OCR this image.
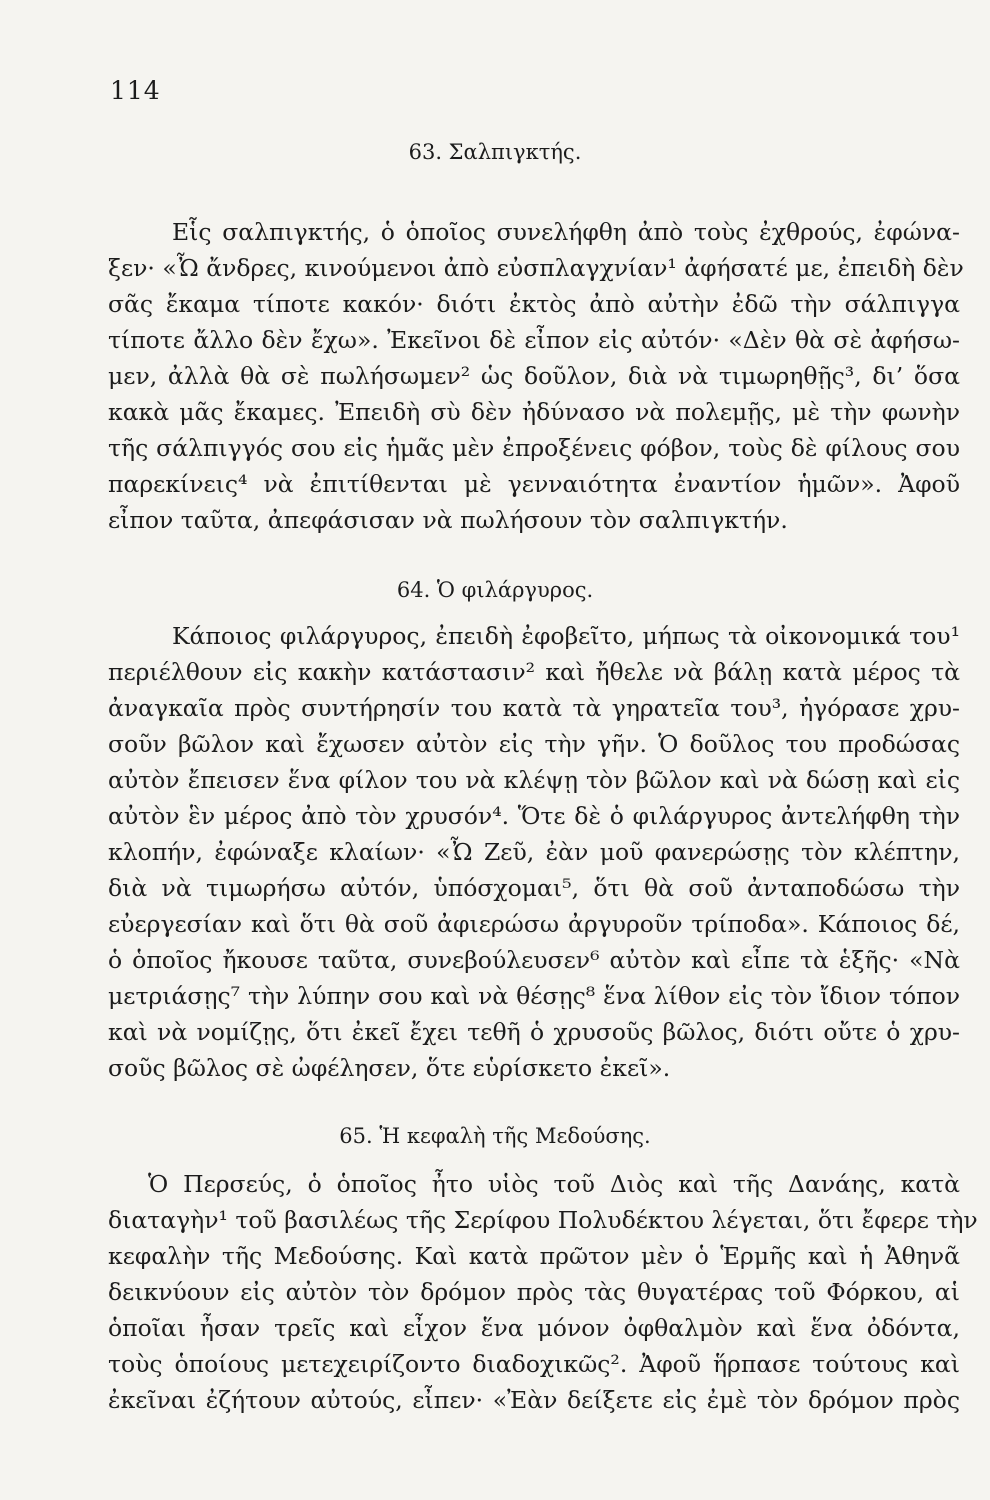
114
63. Σαλπιγκτής.
Εἷς σαλπιγκτής, ὁ ὁποῖος συνελήφθη ἀπὸ τοὺς ἐχθρούς, ἐφώνα-
ξεν· «Ὦ ἄνδρες, κινούμενοι ἀπὸ εὐσπλαγχνίαν¹ ἀφήσατέ με, ἐπειδὴ δὲν
σᾶς ἔκαμα τίποτε κακόν· διότι ἐκτὸς ἀπὸ αὐτὴν ἐδῶ τὴν σάλπιγγα
τίποτε ἄλλο δὲν ἔχω». Ἐκεῖνοι δὲ εἶπον εἰς αὐτόν· «Δὲν θὰ σὲ ἀφήσω-
μεν, ἀλλὰ θὰ σὲ πωλήσωμεν² ὡς δοῦλον, διὰ νὰ τιμωρηθῇς³, δι’ ὅσα
κακὰ μᾶς ἔκαμες. Ἐπειδὴ σὺ δὲν ἠδύνασο νὰ πολεμῇς, μὲ τὴν φωνὴν
τῆς σάλπιγγός σου εἰς ἡμᾶς μὲν ἐπροξένεις φόβον, τοὺς δὲ φίλους σου
παρεκίνεις⁴ νὰ ἐπιτίθενται μὲ γενναιότητα ἐναντίον ἡμῶν». Ἀφοῦ
εἶπον ταῦτα, ἀπεφάσισαν νὰ πωλήσουν τὸν σαλπιγκτήν.
64. Ὁ φιλάργυρος.
Κάποιος φιλάργυρος, ἐπειδὴ ἐφοβεῖτο, μήπως τὰ οἰκονομικά του¹
περιέλθουν εἰς κακὴν κατάστασιν² καὶ ἤθελε νὰ βάλῃ κατὰ μέρος τὰ
ἀναγκαῖα πρὸς συντήρησίν του κατὰ τὰ γηρατεῖα του³, ἠγόρασε χρυ-
σοῦν βῶλον καὶ ἔχωσεν αὐτὸν εἰς τὴν γῆν. Ὁ δοῦλος του προδώσας
αὐτὸν ἔπεισεν ἕνα φίλον του νὰ κλέψῃ τὸν βῶλον καὶ νὰ δώσῃ καὶ εἰς
αὐτὸν ἓν μέρος ἀπὸ τὸν χρυσόν⁴. Ὅτε δὲ ὁ φιλάργυρος ἀντελήφθη τὴν
κλοπήν, ἐφώναξε κλαίων· «Ὦ Ζεῦ, ἐὰν μοῦ φανερώσῃς τὸν κλέπτην,
διὰ νὰ τιμωρήσω αὐτόν, ὑπόσχομαι⁵, ὅτι θὰ σοῦ ἀνταποδώσω τὴν
εὐεργεσίαν καὶ ὅτι θὰ σοῦ ἀφιερώσω ἀργυροῦν τρίποδα». Κάποιος δέ,
ὁ ὁποῖος ἤκουσε ταῦτα, συνεβούλευσεν⁶ αὐτὸν καὶ εἶπε τὰ ἑξῆς· «Νὰ
μετριάσῃς⁷ τὴν λύπην σου καὶ νὰ θέσῃς⁸ ἕνα λίθον εἰς τὸν ἴδιον τόπον
καὶ νὰ νομίζῃς, ὅτι ἐκεῖ ἔχει τεθῆ ὁ χρυσοῦς βῶλος, διότι οὔτε ὁ χρυ-
σοῦς βῶλος σὲ ὠφέλησεν, ὅτε εὑρίσκετο ἐκεῖ».
65. Ἡ κεφαλὴ τῆς Μεδούσης.
Ὁ Περσεύς, ὁ ὁποῖος ἦτο υἱὸς τοῦ Διὸς καὶ τῆς Δανάης, κατὰ
διαταγὴν¹ τοῦ βασιλέως τῆς Σερίφου Πολυδέκτου λέγεται, ὅτι ἔφερε τὴν
κεφαλὴν τῆς Μεδούσης. Καὶ κατὰ πρῶτον μὲν ὁ Ἑρμῆς καὶ ἡ Ἀθηνᾶ
δεικνύουν εἰς αὐτὸν τὸν δρόμον πρὸς τὰς θυγατέρας τοῦ Φόρκου, αἱ
ὁποῖαι ἦσαν τρεῖς καὶ εἶχον ἕνα μόνον ὀφθαλμὸν καὶ ἕνα ὀδόντα,
τοὺς ὁποίους μετεχειρίζοντο διαδοχικῶς². Ἀφοῦ ἥρπασε τούτους καὶ
ἐκεῖναι ἐζήτουν αὐτούς, εἶπεν· «Ἐὰν δείξετε εἰς ἐμὲ τὸν δρόμον πρὸς
